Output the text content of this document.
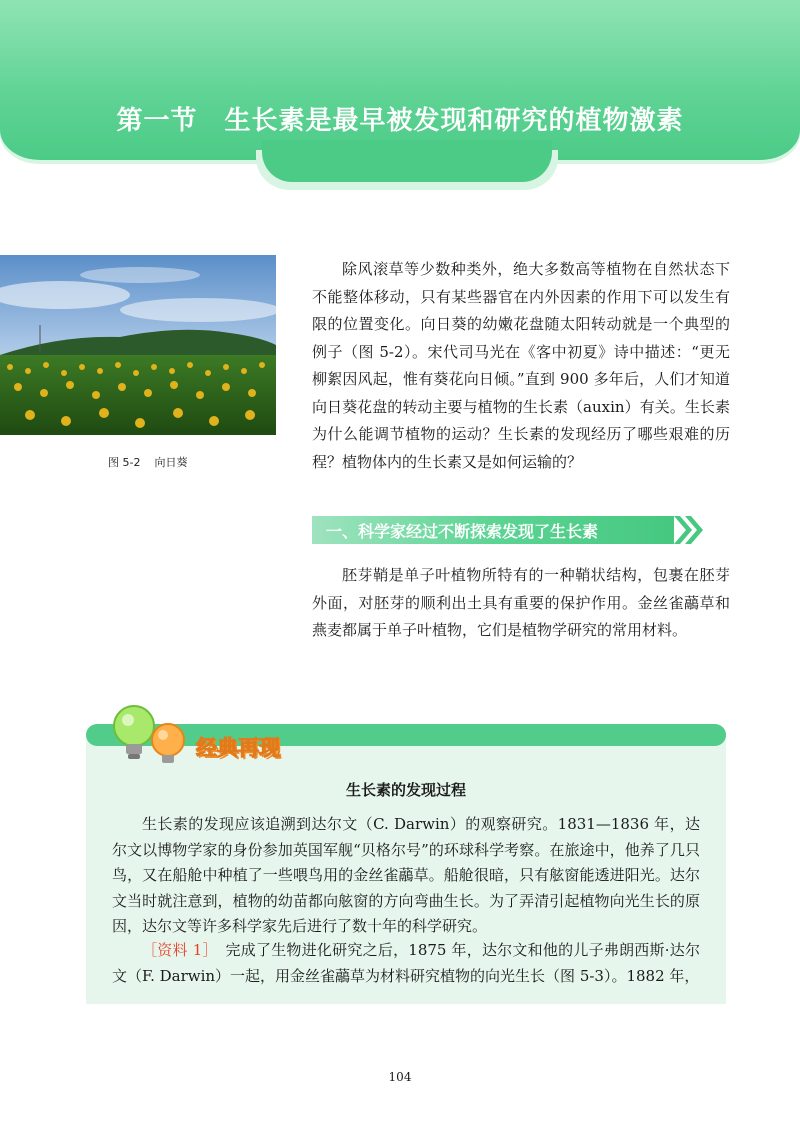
第一节　生长素是最早被发现和研究的植物激素
图 5-2 向日葵
除风滚草等少数种类外，绝大多数高等植物在自然状态下不能整体移动，只有某些器官在内外因素的作用下可以发生有限的位置变化。向日葵的幼嫩花盘随太阳转动就是一个典型的例子（图 5-2）。宋代司马光在《客中初夏》诗中描述：“更无柳絮因风起，惟有葵花向日倾。”直到 900 多年后，人们才知道向日葵花盘的转动主要与植物的生长素（auxin）有关。生长素为什么能调节植物的运动？生长素的发现经历了哪些艰难的历程？植物体内的生长素又是如何运输的？
一、科学家经过不断探索发现了生长素
胚芽鞘是单子叶植物所特有的一种鞘状结构，包裹在胚芽外面，对胚芽的顺利出土具有重要的保护作用。金丝雀虉草和燕麦都属于单子叶植物，它们是植物学研究的常用材料。
经典再现
生长素的发现过程
生长素的发现应该追溯到达尔文（C. Darwin）的观察研究。1831—1836 年，达尔文以博物学家的身份参加英国军舰“贝格尔号”的环球科学考察。在旅途中，他养了几只鸟，又在船舱中种植了一些喂鸟用的金丝雀虉草。船舱很暗，只有舷窗能透进阳光。达尔文当时就注意到，植物的幼苗都向舷窗的方向弯曲生长。为了弄清引起植物向光生长的原因，达尔文等许多科学家先后进行了数十年的科学研究。
［资料 1］　 完成了生物进化研究之后，1875 年，达尔文和他的儿子弗朗西斯·达尔文（F. Darwin）一起，用金丝雀虉草为材料研究植物的向光生长（图 5-3）。1882 年，
104
